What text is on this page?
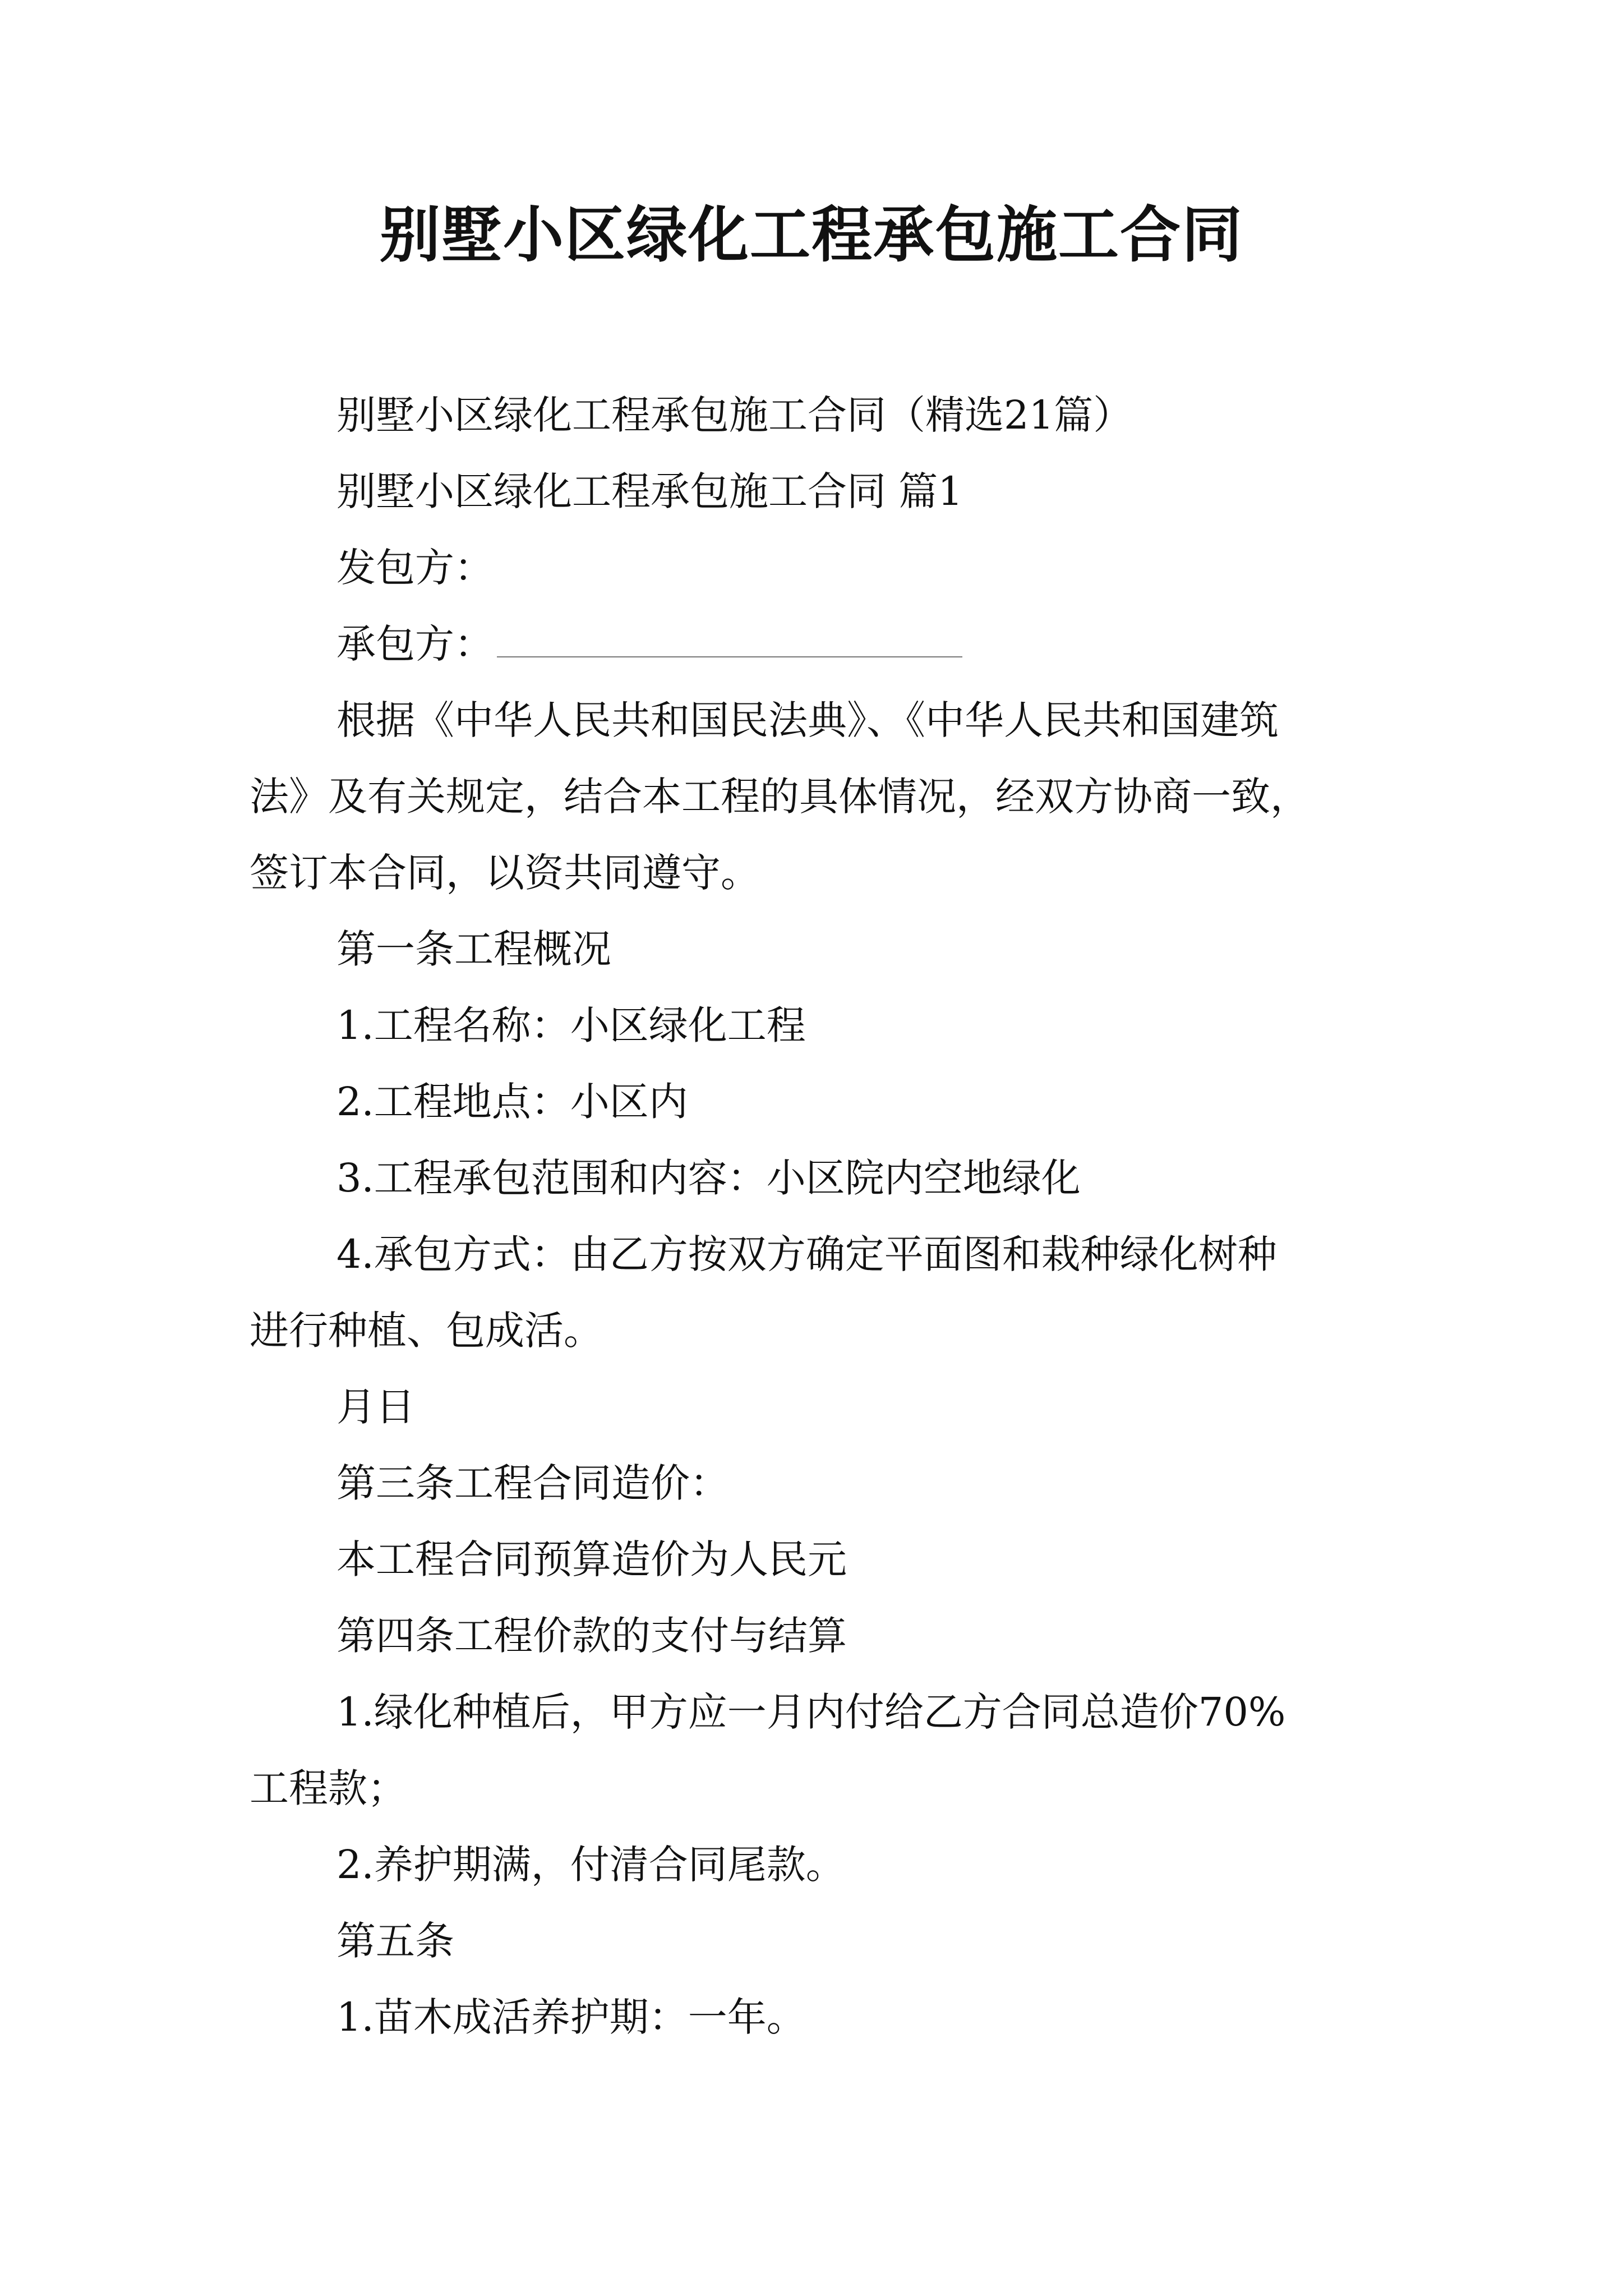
别墅小区绿化工程承包施工合同
别墅小区绿化工程承包施工合同（精选21篇）
别墅小区绿化工程承包施工合同 篇1
发包方：
承包方：
根据《中华人民共和国民法典》、《中华人民共和国建筑
法》及有关规定，结合本工程的具体情况，经双方协商一致，
签订本合同，以资共同遵守。
第一条工程概况
1.工程名称：小区绿化工程
2.工程地点：小区内
3.工程承包范围和内容：小区院内空地绿化
4.承包方式：由乙方按双方确定平面图和栽种绿化树种
进行种植、包成活。
月日
第三条工程合同造价：
本工程合同预算造价为人民元
第四条工程价款的支付与结算
1.绿化种植后，甲方应一月内付给乙方合同总造价70%
工程款；
2.养护期满，付清合同尾款。
第五条
1.苗木成活养护期：一年。
